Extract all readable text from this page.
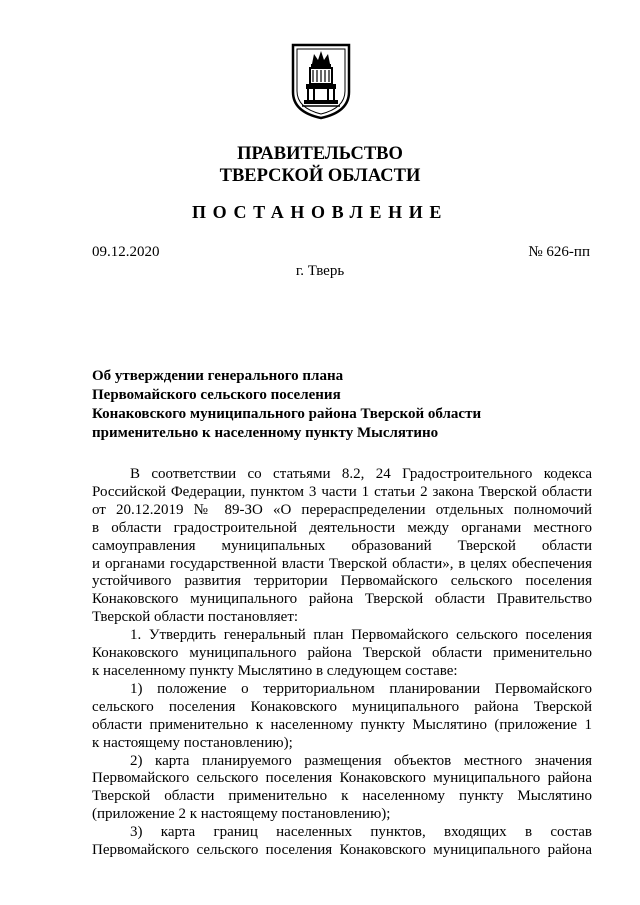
ПРАВИТЕЛЬСТВО
ТВЕРСКОЙ ОБЛАСТИ
ПОСТАНОВЛЕНИЕ
09.12.2020	№ 626-пп
г. Тверь
Об утверждении генерального плана
Первомайского сельского поселения
Конаковского муниципального района Тверской области
применительно к населенному пункту Мыслятино

В соответствии со статьями 8.2, 24 Градостроительного кодекса
Российской Федерации, пунктом 3 части 1 статьи 2 закона Тверской области
от 20.12.2019 № 89-ЗО «О перераспределении отдельных полномочий
в области градостроительной деятельности между органами местного
самоуправления муниципальных образований Тверской области
и органами государственной власти Тверской области», в целях обеспечения
устойчивого развития территории Первомайского сельского поселения
Конаковского муниципального района Тверской области Правительство
Тверской области постановляет:

1. Утвердить генеральный план Первомайского сельского поселения
Конаковского муниципального района Тверской области применительно
к населенному пункту Мыслятино в следующем составе:

1) положение о территориальном планировании Первомайского
сельского поселения Конаковского муниципального района Тверской
области применительно к населенному пункту Мыслятино (приложение 1
к настоящему постановлению);

2) карта планируемого размещения объектов местного значения
Первомайского сельского поселения Конаковского муниципального района
Тверской области применительно к населенному пункту Мыслятино
(приложение 2 к настоящему постановлению);

3) карта границ населенных пунктов, входящих в состав
Первомайского сельского поселения Конаковского муниципального района
